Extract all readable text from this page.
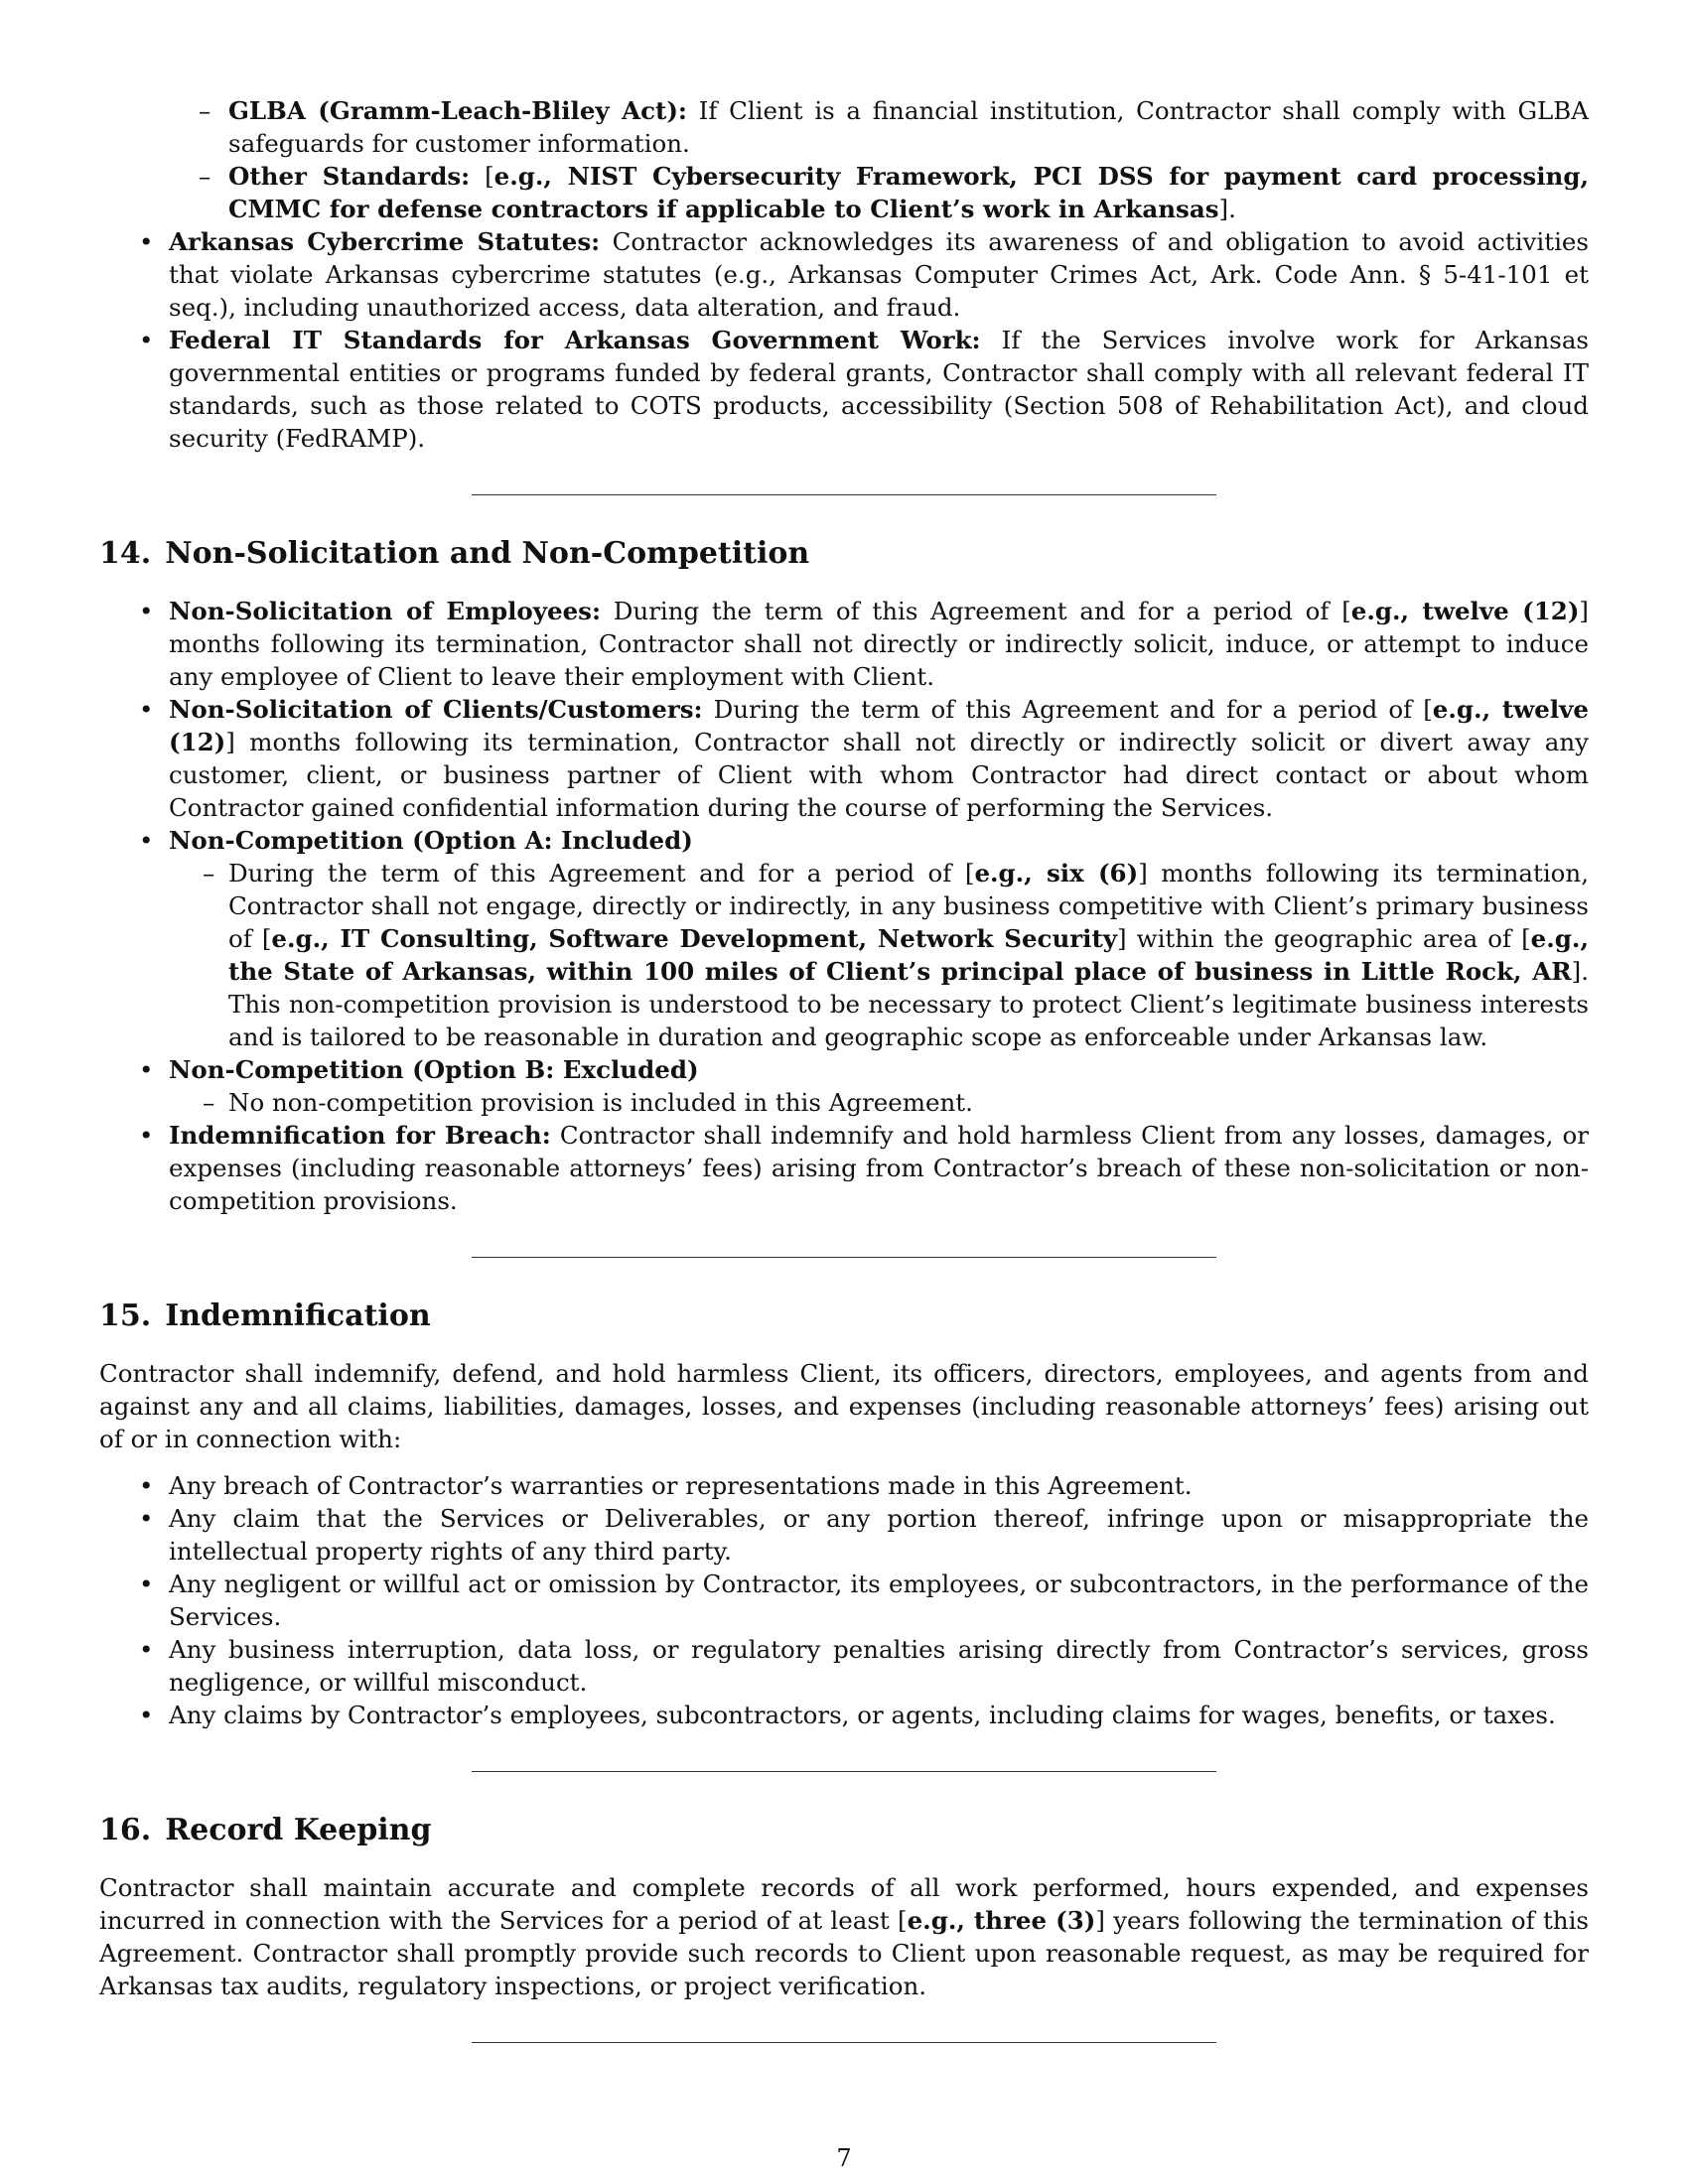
– GLBA (Gramm-Leach-Bliley Act): If Client is a financial institution, Contractor shall comply with GLBA safeguards for customer information.
– Other Standards: [e.g., NIST Cybersecurity Framework, PCI DSS for payment card processing, CMMC for defense contractors if applicable to Client’s work in Arkansas].
• Arkansas Cybercrime Statutes: Contractor acknowledges its awareness of and obligation to avoid activities that violate Arkansas cybercrime statutes (e.g., Arkansas Computer Crimes Act, Ark. Code Ann. § 5-41-101 et seq.), including unauthorized access, data alteration, and fraud.
• Federal IT Standards for Arkansas Government Work: If the Services involve work for Arkansas governmental entities or programs funded by federal grants, Contractor shall comply with all relevant federal IT standards, such as those related to COTS products, accessibility (Section 508 of Rehabilitation Act), and cloud security (FedRAMP).
14. Non-Solicitation and Non-Competition
• Non-Solicitation of Employees: During the term of this Agreement and for a period of [e.g., twelve (12)] months following its termination, Contractor shall not directly or indirectly solicit, induce, or attempt to induce any employee of Client to leave their employment with Client.
• Non-Solicitation of Clients/Customers: During the term of this Agreement and for a period of [e.g., twelve (12)] months following its termination, Contractor shall not directly or indirectly solicit or divert away any customer, client, or business partner of Client with whom Contractor had direct contact or about whom Contractor gained confidential information during the course of performing the Services.
• Non-Competition (Option A: Included)
– During the term of this Agreement and for a period of [e.g., six (6)] months following its termination, Contractor shall not engage, directly or indirectly, in any business competitive with Client’s primary business of [e.g., IT Consulting, Software Development, Network Security] within the geographic area of [e.g., the State of Arkansas, within 100 miles of Client’s principal place of business in Little Rock, AR]. This non-competition provision is understood to be necessary to protect Client’s legitimate business interests and is tailored to be reasonable in duration and geographic scope as enforceable under Arkansas law.
• Non-Competition (Option B: Excluded)
– No non-competition provision is included in this Agreement.
• Indemnification for Breach: Contractor shall indemnify and hold harmless Client from any losses, damages, or expenses (including reasonable attorneys’ fees) arising from Contractor’s breach of these non-solicitation or non-competition provisions.
15. Indemnification

Contractor shall indemnify, defend, and hold harmless Client, its officers, directors, employees, and agents from and against any and all claims, liabilities, damages, losses, and expenses (including reasonable attorneys’ fees) arising out of or in connection with:

• Any breach of Contractor’s warranties or representations made in this Agreement.
• Any claim that the Services or Deliverables, or any portion thereof, infringe upon or misappropriate the intellectual property rights of any third party.
• Any negligent or willful act or omission by Contractor, its employees, or subcontractors, in the performance of the Services.
• Any business interruption, data loss, or regulatory penalties arising directly from Contractor’s services, gross negligence, or willful misconduct.
• Any claims by Contractor’s employees, subcontractors, or agents, including claims for wages, benefits, or taxes.
16. Record Keeping

Contractor shall maintain accurate and complete records of all work performed, hours expended, and expenses incurred in connection with the Services for a period of at least [e.g., three (3)] years following the termination of this Agreement. Contractor shall promptly provide such records to Client upon reasonable request, as may be required for Arkansas tax audits, regulatory inspections, or project verification.

7
